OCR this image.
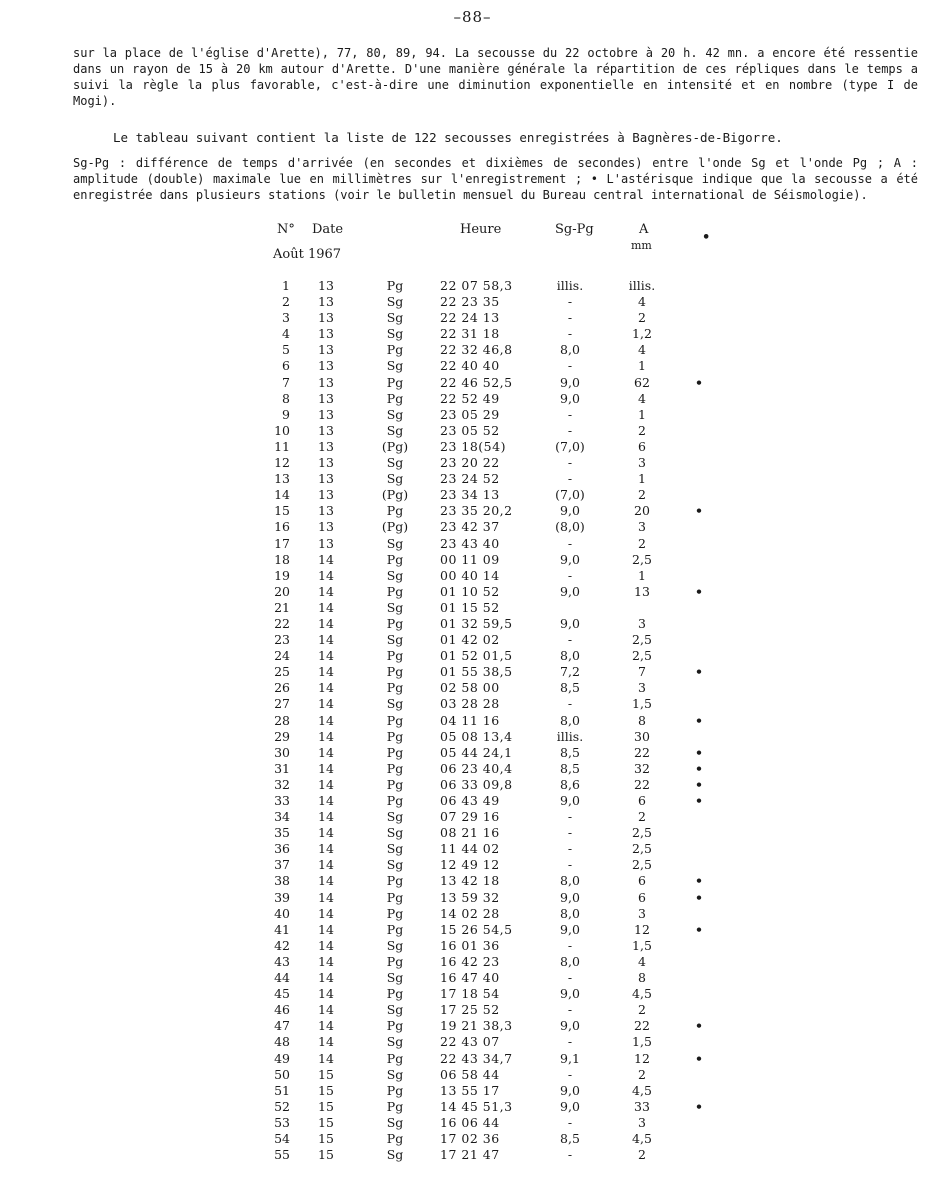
–88–

sur la place de l'église d'Arette), 77, 80, 89, 94. La secousse du 22 octobre à 20 h. 42 mn. a encore été ressentie dans un rayon de 15 à 20 km autour d'Arette. D'une manière générale la répartition de ces répliques dans le temps a suivi la règle la plus favorable, c'est-à-dire une diminution exponentielle en intensité et en nombre (type I de Mogi).

Le tableau suivant contient la liste de 122 secousses enregistrées à Bagnères-de-Bigorre.

Sg-Pg : différence de temps d'arrivée (en secondes et dixièmes de secondes) entre l'onde Sg et l'onde Pg ; A : amplitude (double) maximale lue en millimètres sur l'enregistrement ; • L'astérisque indique que la secousse a été enregistrée dans plusieurs stations (voir le bulletin mensuel du Bureau central international de Séismologie).

N° Date	Heure	Sg-Pg	A
mm
•
Août 1967
1 13	Pg	22 07 58,3	illis.	illis.
2 13	Sg	22 23 35	-	4
3 13	Sg	22 24 13	-	2
4 13	Sg	22 31 18	-	1,2
5 13	Pg	22 32 46,8	8,0	4
6 13	Sg	22 40 40	-	1
7 13	Pg	22 46 52,5	9,0	62	•
8 13	Pg	22 52 49	9,0	4
9 13	Sg	23 05 29	-	1
10 13	Sg	23 05 52	-	2
11 13	(Pg)	23 18(54)	(7,0)	6
12 13	Sg	23 20 22	-	3
13 13	Sg	23 24 52	-	1
14 13	(Pg)	23 34 13	(7,0)	2
15 13	Pg	23 35 20,2	9,0	20	•
16 13	(Pg)	23 42 37	(8,0)	3
17 13	Sg	23 43 40	-	2
18 14	Pg	00 11 09	9,0	2,5
19 14	Sg	00 40 14	-	1
20 14	Pg	01 10 52	9,0	13	•
21 14	Sg	01 15 52
22 14	Pg	01 32 59,5	9,0	3
23 14	Sg	01 42 02	-	2,5
24 14	Pg	01 52 01,5	8,0	2,5
25 14	Pg	01 55 38,5	7,2	7	•
26 14	Pg	02 58 00	8,5	3
27 14	Sg	03 28 28	-	1,5
28 14	Pg	04 11 16	8,0	8	•
29 14	Pg	05 08 13,4	illis.	30
30 14	Pg	05 44 24,1	8,5	22	•
31 14	Pg	06 23 40,4	8,5	32	•
32 14	Pg	06 33 09,8	8,6	22	•
33 14	Pg	06 43 49	9,0	6	•
34 14	Sg	07 29 16	-	2
35 14	Sg	08 21 16	-	2,5
36 14	Sg	11 44 02	-	2,5
37 14	Sg	12 49 12	-	2,5
38 14	Pg	13 42 18	8,0	6	•
39 14	Pg	13 59 32	9,0	6	•
40 14	Pg	14 02 28	8,0	3
41 14	Pg	15 26 54,5	9,0	12	•
42 14	Sg	16 01 36	-	1,5
43 14	Pg	16 42 23	8,0	4
44 14	Sg	16 47 40	-	8
45 14	Pg	17 18 54	9,0	4,5
46 14	Sg	17 25 52	-	2
47 14	Pg	19 21 38,3	9,0	22	•
48 14	Sg	22 43 07	-	1,5
49 14	Pg	22 43 34,7	9,1	12	•
50 15	Sg	06 58 44	-	2
51 15	Pg	13 55 17	9,0	4,5
52 15	Pg	14 45 51,3	9,0	33	•
53 15	Sg	16 06 44	-	3
54 15	Pg	17 02 36	8,5	4,5
55 15	Sg	17 21 47	-	2
